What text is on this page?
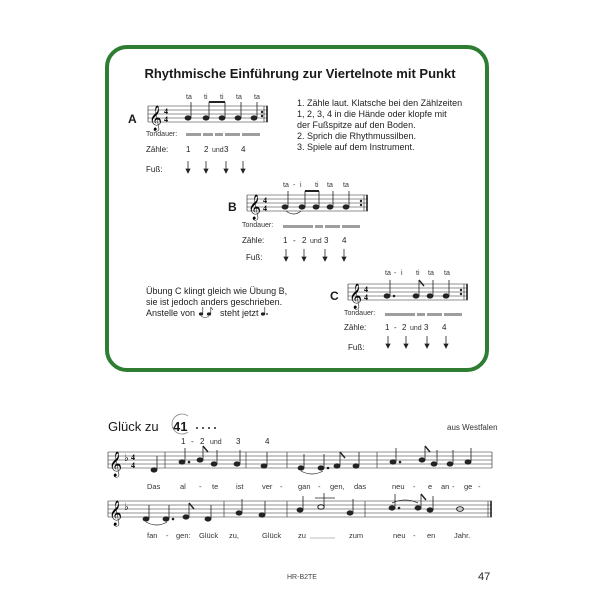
Rhythmische Einführung zur Viertelnote mit Punkt
A
ta ti ti ta ta
Tondauer:
Zähle: 1 2 und 3 4
Fuß:
1. Zähle laut. Klatsche bei den Zählzeiten
1, 2, 3, 4 in die Hände oder klopfe mit
der Fußspitze auf den Boden.
2. Sprich die Rhythmussilben.
3. Spiele auf dem Instrument.
B
ta - i ti ta ta
Tondauer:
Zähle: 1 - 2 und 3 4
Fuß:
Übung C klingt gleich wie Übung B,
sie ist jedoch anders geschrieben.
Anstelle von	steht jetzt
C
ta - i ti ta ta
Tondauer:
Zähle: 1 - 2 und 3 4
Fuß:
Glück zu 41	aus Westfalen
1 - 2 und 3	4
Das	al - te ist ver - gan - gen, das	neu - e an - ge -
fan - gen: Glück zu,	Glück zu	zum	neu - en Jahr.
HR-B2TE	47
𝄞 4
4
𝄞 4
4
𝄞 4
4
𝄞 ♭ 4
4
𝄞 ♭
